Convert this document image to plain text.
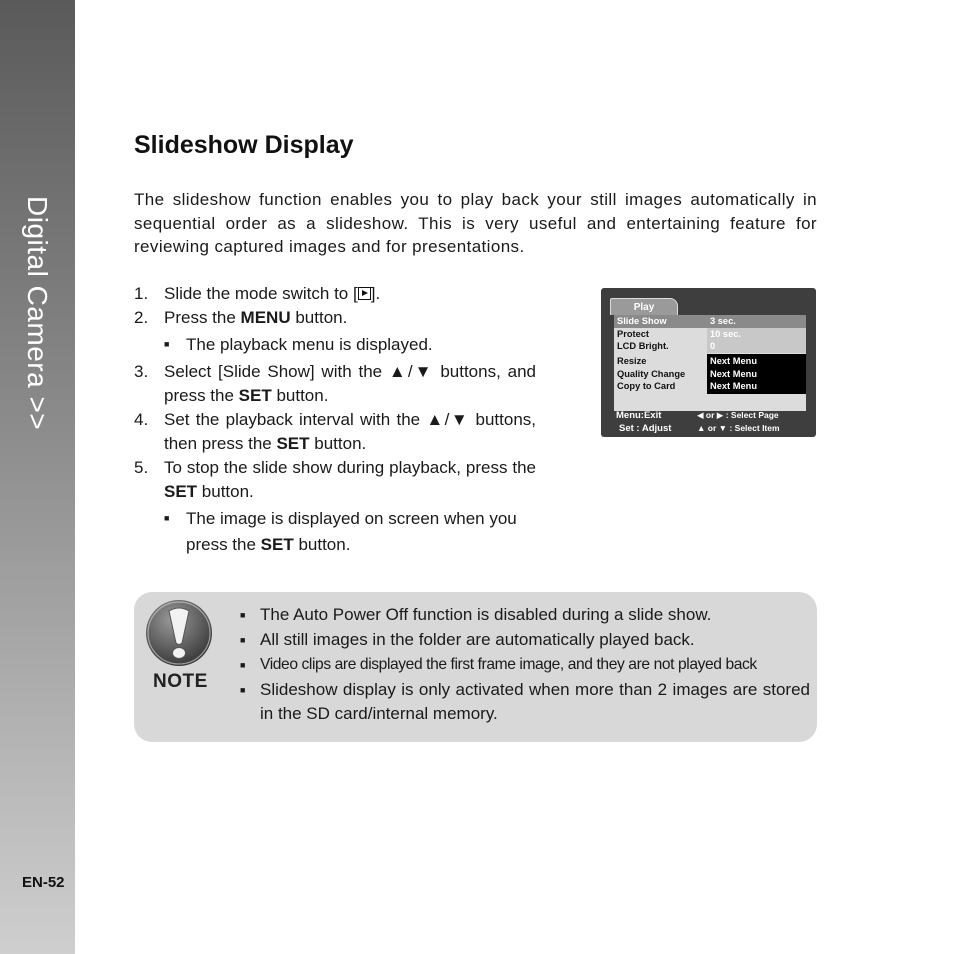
Digital Camera >>
EN-52
Slideshow Display

The slideshow function enables you to play back your still images automatically in sequential order as a slideshow. This is very useful and entertaining feature for reviewing captured images and for presentations.

1. Slide the mode switch to [ ].
2. Press the MENU button.
■ The playback menu is displayed.
3. Select [Slide Show] with the ▲/▼ buttons, and press the SET button.
4. Set the playback interval with the ▲/▼ buttons, then press the SET button.
5. To stop the slide show during playback, press the SET button.
■ The image is displayed on screen when you press the SET button.
Play
Slide Show	3 sec.
Protect	10 sec.
LCD Bright.	0
Resize	Next Menu
Quality Change	Next Menu
Copy to Card	Next Menu
Menu:Exit	◀ or ▶ : Select Page
Set : Adjust	▲ or ▼ : Select Item
NOTE
■ The Auto Power Off function is disabled during a slide show.
■ All still images in the folder are automatically played back.
■ Video clips are displayed the first frame image, and they are not played back
■ Slideshow display is only activated when more than 2 images are stored in the SD card/internal memory.
